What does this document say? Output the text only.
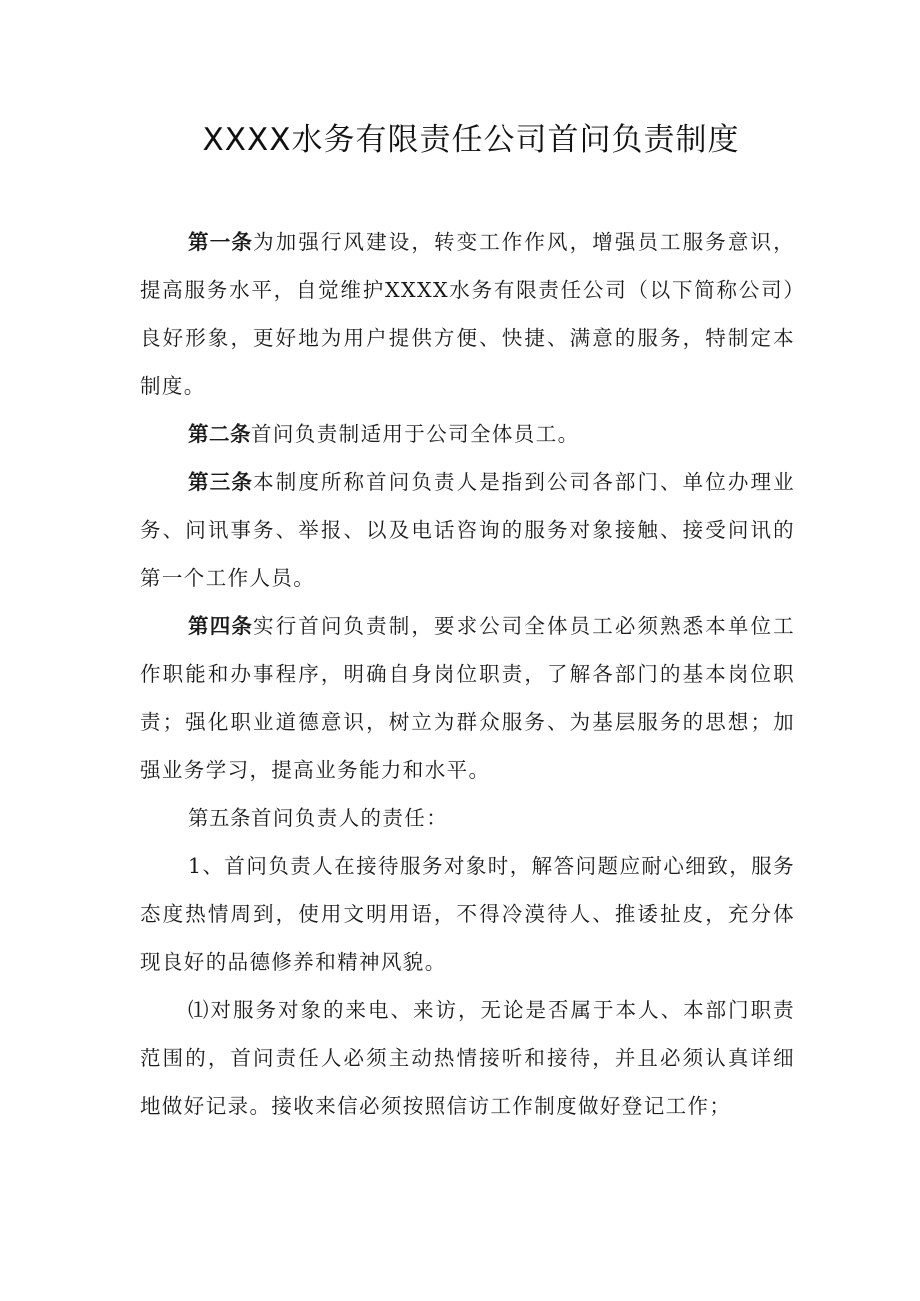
XXXX水务有限责任公司首问负责制度

第一条为加强行风建设，转变工作作风，增强员工服务意识，提高服务水平，自觉维护XXXX水务有限责任公司（以下简称公司）良好形象，更好地为用户提供方便、快捷、满意的服务，特制定本制度。

第二条首问负责制适用于公司全体员工。

第三条本制度所称首问负责人是指到公司各部门、单位办理业务、问讯事务、举报、以及电话咨询的服务对象接触、接受问讯的第一个工作人员。

第四条实行首问负责制，要求公司全体员工必须熟悉本单位工作职能和办事程序，明确自身岗位职责，了解各部门的基本岗位职责；强化职业道德意识，树立为群众服务、为基层服务的思想；加强业务学习，提高业务能力和水平。

第五条首问负责人的责任：

1、首问负责人在接待服务对象时，解答问题应耐心细致，服务态度热情周到，使用文明用语，不得冷漠待人、推诿扯皮，充分体现良好的品德修养和精神风貌。

⑴对服务对象的来电、来访，无论是否属于本人、本部门职责范围的，首问责任人必须主动热情接听和接待，并且必须认真详细地做好记录。接收来信必须按照信访工作制度做好登记工作；
